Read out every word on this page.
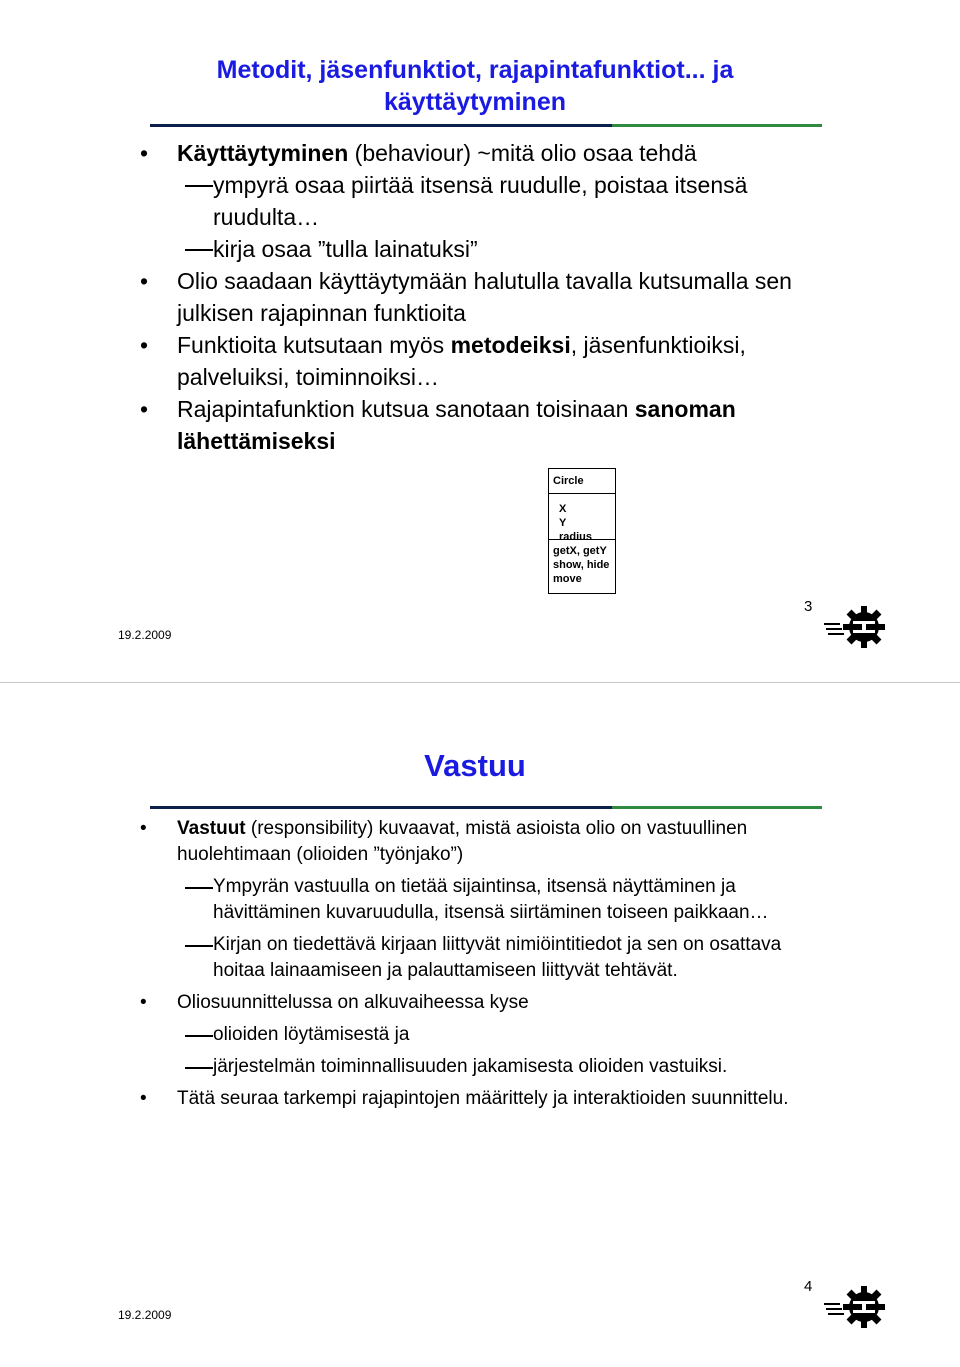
Metodit, jäsenfunktiot, rajapintafunktiot... ja
käyttäytyminen
• Käyttäytyminen (behaviour) ~mitä olio osaa tehdä
ympyrä osaa piirtää itsensä ruudulle, poistaa itsensä ruudulta…
kirja osaa ”tulla lainatuksi”
• Olio saadaan käyttäytymään halutulla tavalla kutsumalla sen julkisen rajapinnan funktioita
• Funktioita kutsutaan myös metodeiksi, jäsenfunktioiksi, palveluiksi, toiminnoiksi…
• Rajapintafunktion kutsua sanotaan toisinaan sanoman lähettämiseksi
Circle
X
Y
radius
getX, getY
show, hide
move
19.2.2009
3
Vastuu
• Vastuut (responsibility) kuvaavat, mistä asioista olio on vastuullinen huolehtimaan (olioiden ”työnjako”)
Ympyrän vastuulla on tietää sijaintinsa, itsensä näyttäminen ja hävittäminen kuvaruudulla, itsensä siirtäminen toiseen paikkaan…
Kirjan on tiedettävä kirjaan liittyvät nimiöintitiedot ja sen on osattava hoitaa lainaamiseen ja palauttamiseen liittyvät tehtävät.
• Oliosuunnittelussa on alkuvaiheessa kyse
olioiden löytämisestä ja
järjestelmän toiminnallisuuden jakamisesta olioiden vastuiksi.
• Tätä seuraa tarkempi rajapintojen määrittely ja interaktioiden suunnittelu.
19.2.2009
4
